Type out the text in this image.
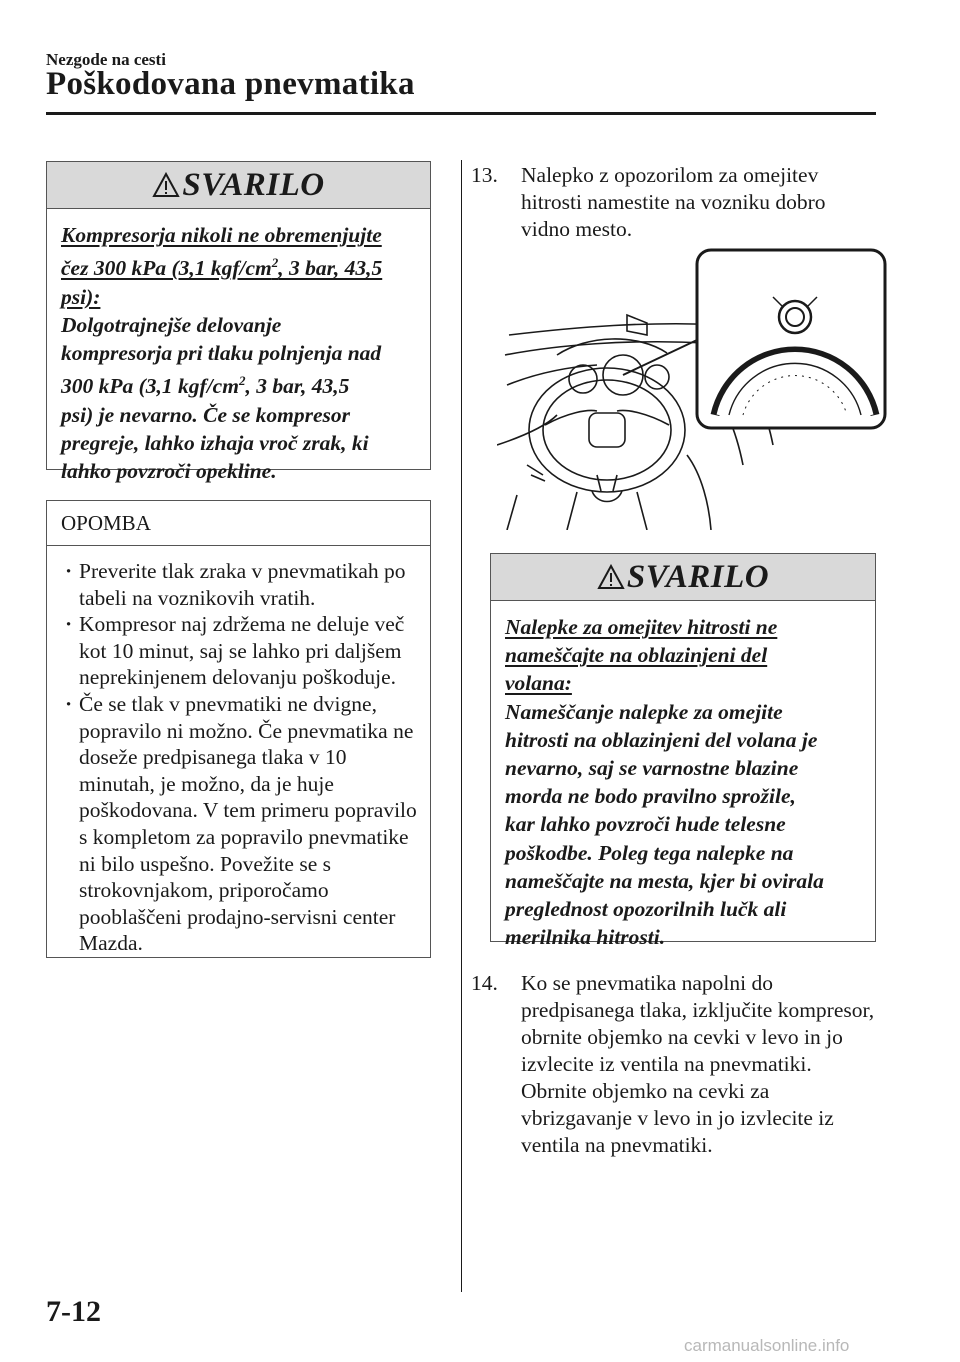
Nezgode na cesti
Poškodovana pnevmatika
SVARILO
Kompresorja nikoli ne obremenjujte
čez 300 kPa (3,1 kgf/$cm^2$, 3 bar, 43,5
psi):
Dolgotrajnejše delovanje
kompresorja pri tlaku polnjenja nad
300 kPa (3,1 kgf/$cm^2$, 3 bar, 43,5
psi) je nevarno. Če se kompresor
pregreje, lahko izhaja vroč zrak, ki
lahko povzroči opekline.
OPOMBA
· Preverite tlak zraka v pnevmatikah po tabeli na voznikovih vratih.
· Kompresor naj zdržema ne deluje več kot 10 minut, saj se lahko pri daljšem neprekinjenem delovanju poškoduje.
· Če se tlak v pnevmatiki ne dvigne, popravilo ni možno. Če pnevmatika ne doseže predpisanega tlaka v 10 minutah, je možno, da je huje poškodovana. V tem primeru popravilo s kompletom za popravilo pnevmatike ni bilo uspešno. Povežite se s strokovnjakom, priporočamo pooblaščeni prodajno-servisni center Mazda.
13.	Nalepko z opozorilom za omejitev hitrosti namestite na vozniku dobro vidno mesto.
SVARILO
Nalepke za omejitev hitrosti ne
nameščajte na oblazinjeni del
volana:
Nameščanje nalepke za omejite
hitrosti na oblazinjeni del volana je
nevarno, saj se varnostne blazine
morda ne bodo pravilno sprožile,
kar lahko povzroči hude telesne
poškodbe. Poleg tega nalepke na
nameščajte na mesta, kjer bi ovirala
preglednost opozorilnih lučk ali
merilnika hitrosti.
14.	Ko se pnevmatika napolni do predpisanega tlaka, izključite kompresor, obrnite objemko na cevki v levo in jo izvlecite iz ventila na pnevmatiki. Obrnite objemko na cevki za vbrizgavanje v levo in jo izvlecite iz ventila na pnevmatiki.
7-12
carmanualsonline.info
